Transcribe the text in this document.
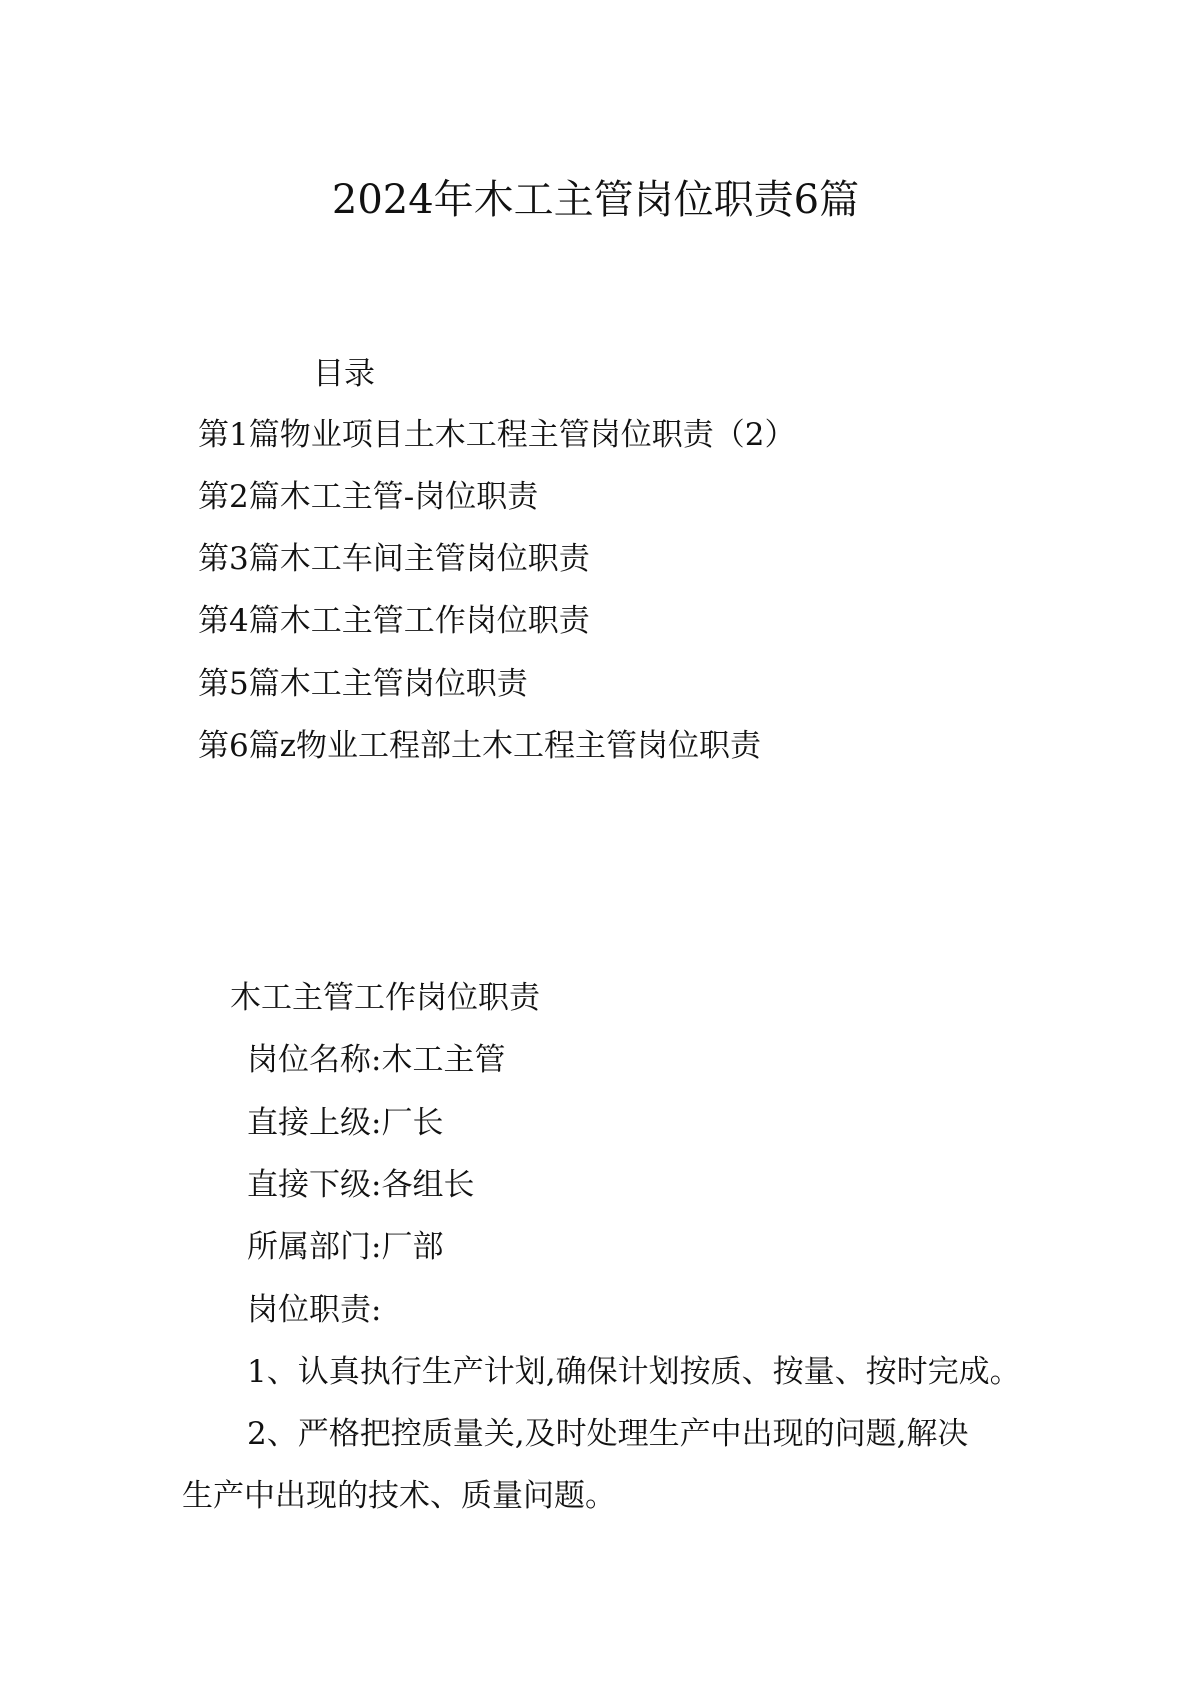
2024年木工主管岗位职责6篇
目录
第1篇物业项目土木工程主管岗位职责（2）
第2篇木工主管-岗位职责
第3篇木工车间主管岗位职责
第4篇木工主管工作岗位职责
第5篇木工主管岗位职责
第6篇z物业工程部土木工程主管岗位职责
木工主管工作岗位职责
岗位名称:木工主管
直接上级:厂长
直接下级:各组长
所属部门:厂部
岗位职责:
1、认真执行生产计划,确保计划按质、按量、按时完成。
2、严格把控质量关,及时处理生产中出现的问题,解决
生产中出现的技术、质量问题。
